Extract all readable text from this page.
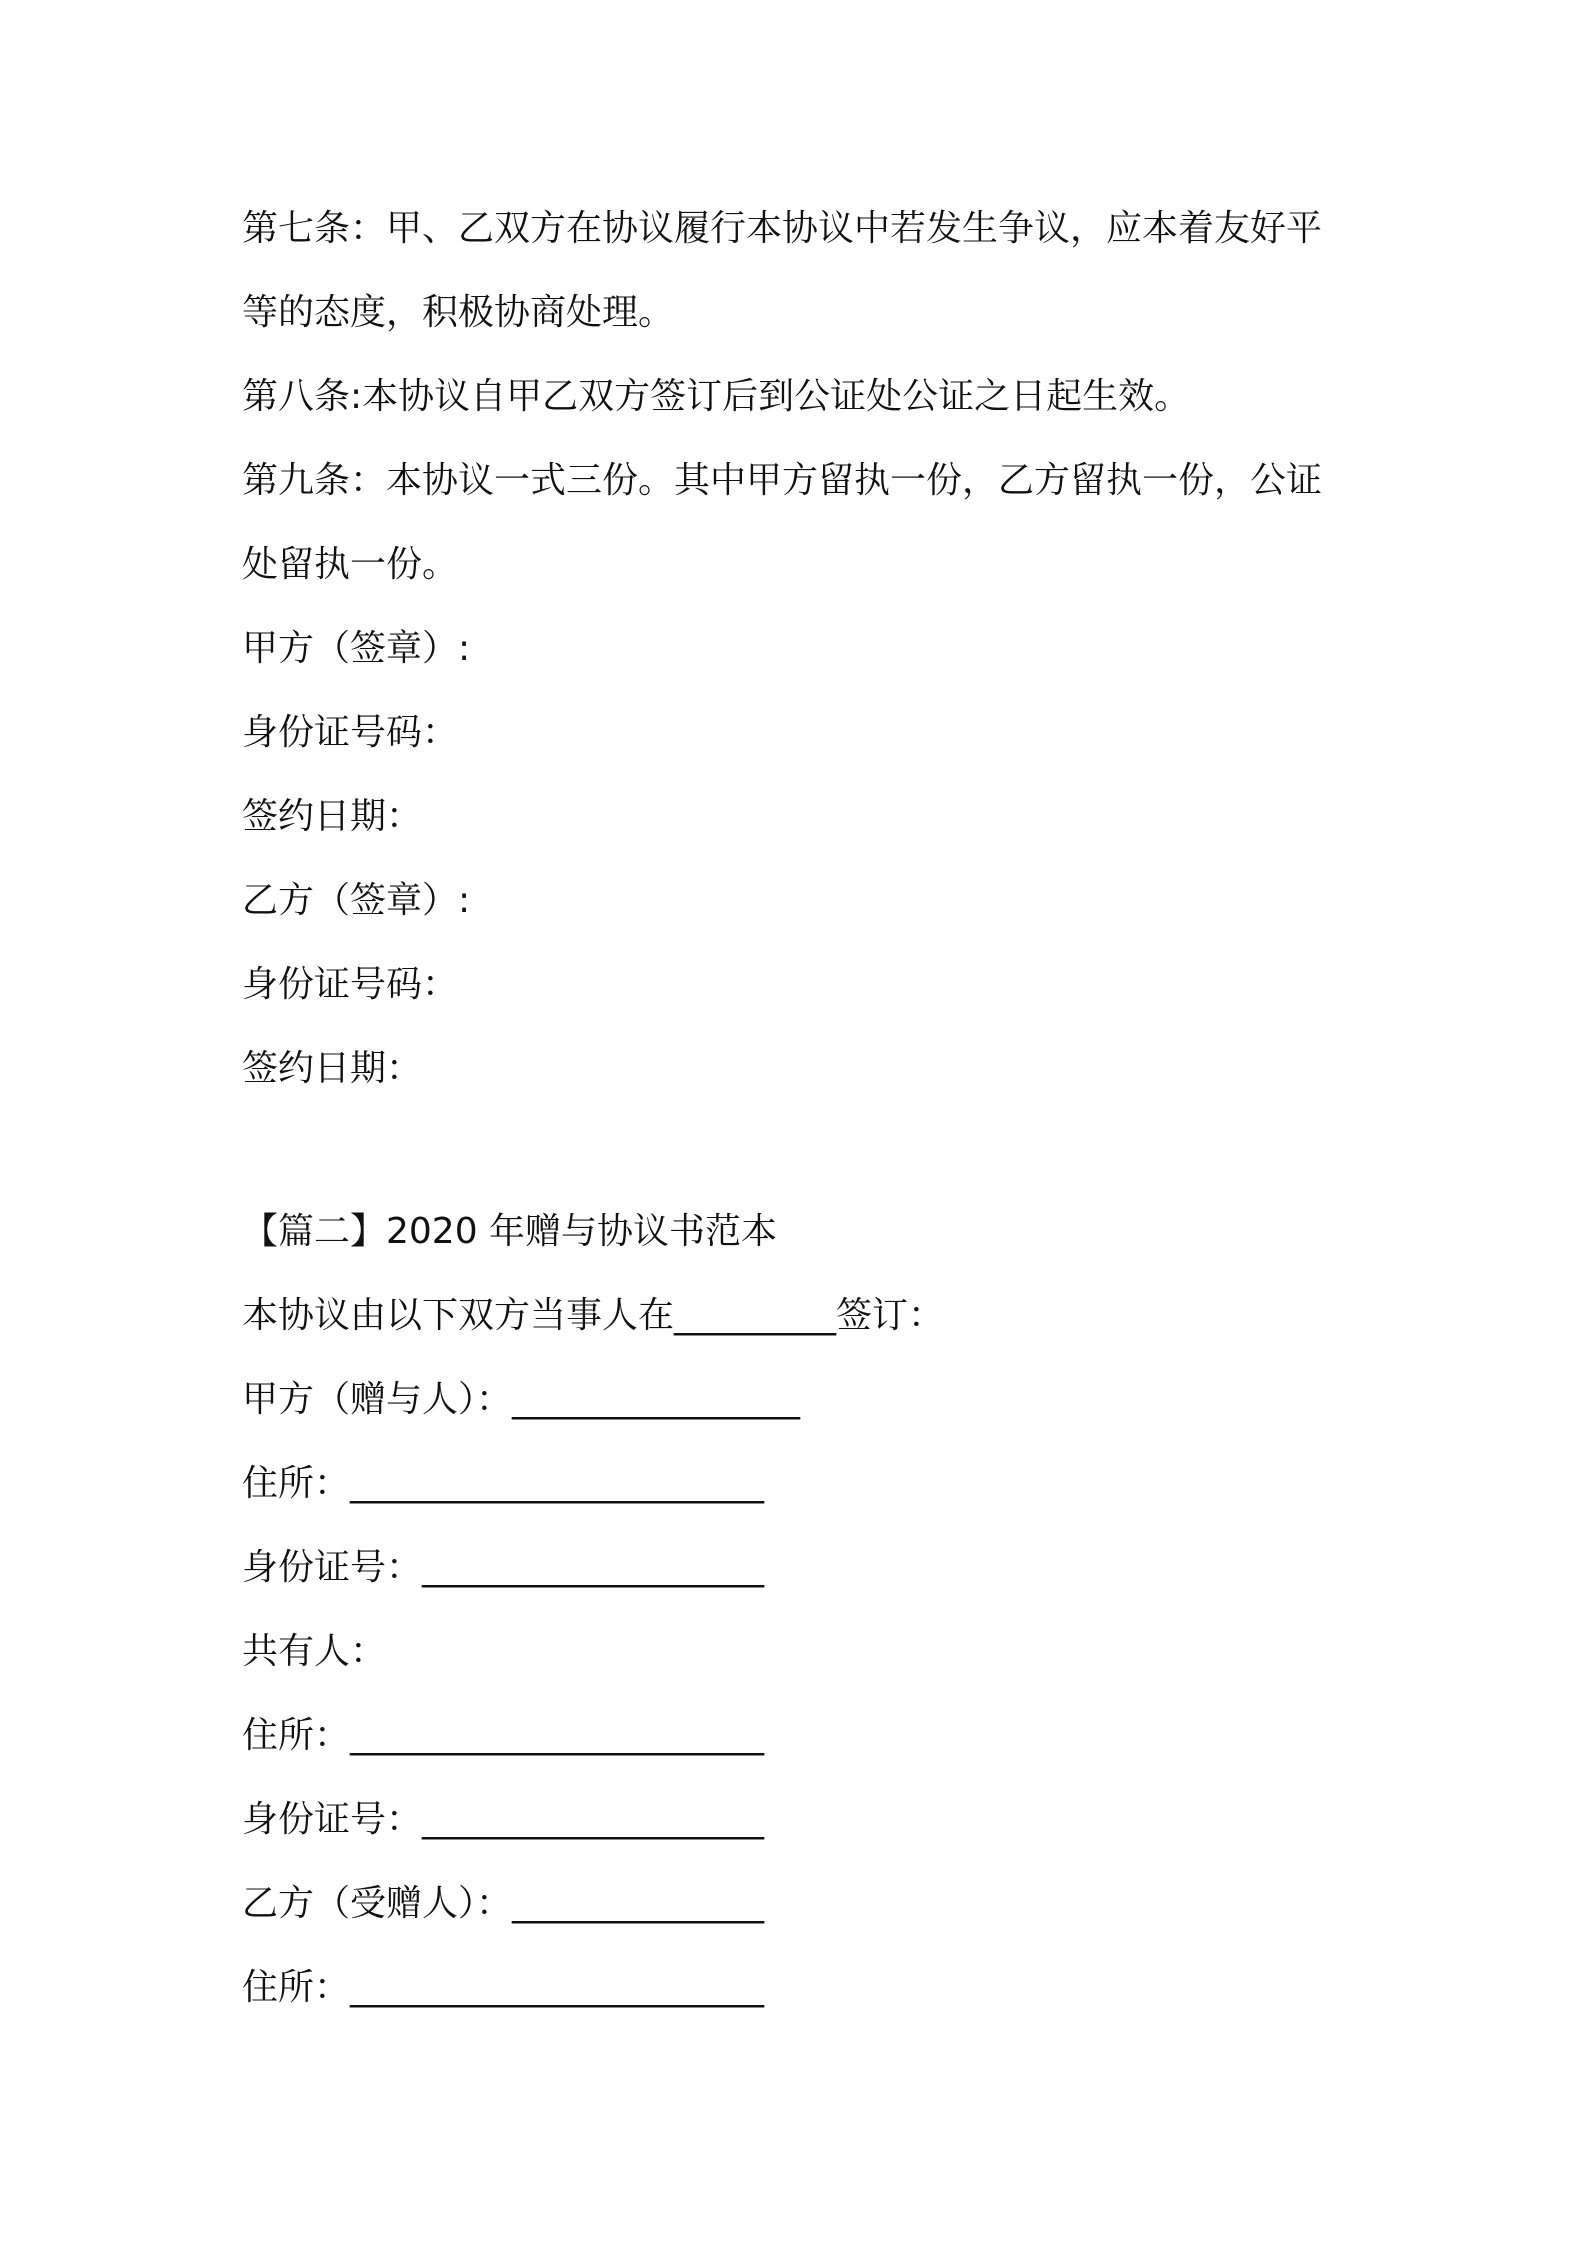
第七条：甲、乙双方在协议履行本协议中若发生争议，应本着友好平
等的态度，积极协商处理。
第八条:本协议自甲乙双方签订后到公证处公证之日起生效。
第九条：本协议一式三份。其中甲方留执一份，乙方留执一份，公证
处留执一份。
甲方（签章）:
身份证号码：
签约日期：
乙方（签章）:
身份证号码：
签约日期：
【篇二】2020 年赠与协议书范本
本协议由以下双方当事人在_________签订：
甲方（赠与人）：________________
住所：_______________________
身份证号：___________________
共有人：
住所：_______________________
身份证号：___________________
乙方（受赠人）：______________
住所：_______________________
